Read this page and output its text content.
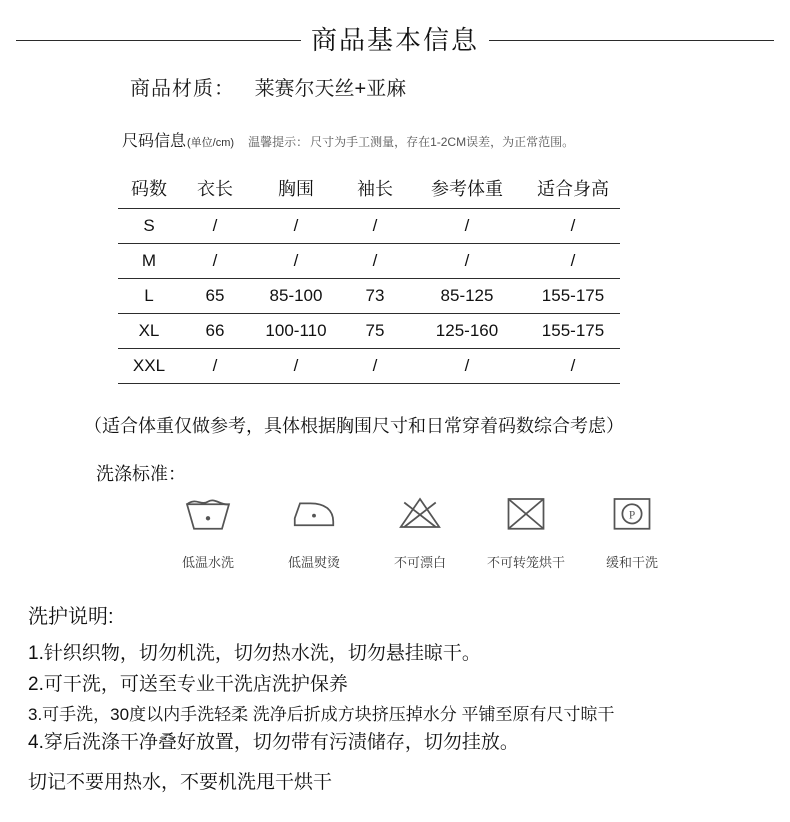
商品基本信息
商品材质： 莱赛尔天丝+亚麻
尺码信息 (单位/cm) 温馨提示： 尺寸为手工测量，存在1-2CM误差，为正常范围。
码数	衣长	胸围	袖长	参考体重	适合身高
S	/	/	/	/	/
M	/	/	/	/	/
L	65	85-100	73	85-125	155-175
XL	66	100-110	75	125-160	155-175
XXL	/	/	/	/	/
（适合体重仅做参考，具体根据胸围尺寸和日常穿着码数综合考虑）
洗涤标准：
低温水洗	低温熨烫	不可漂白	不可转笼烘干
P
缓和干洗
洗护说明:
1.针织织物，切勿机洗，切勿热水洗，切勿悬挂晾干。
2.可干洗，可送至专业干洗店洗护保养
3.可手洗，30度以内手洗轻柔 洗净后折成方块挤压掉水分 平铺至原有尺寸晾干
4.穿后洗涤干净叠好放置，切勿带有污渍储存，切勿挂放。
切记不要用热水，不要机洗甩干烘干
